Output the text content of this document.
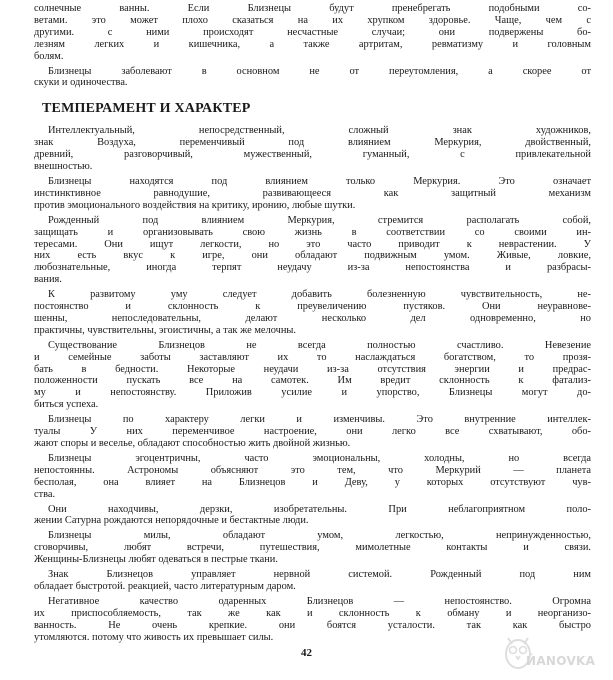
солнечные ванны. Если Близнецы будут пренебрегать подобными со-
ветами. это может плохо сказаться на их хрупком здоровье. Чаще, чем с
другими. с ними происходят несчастные случаи; они подвержены бо-
лезням легких и кишечника, а также артритам, ревматизму и головным
болям.
Близнецы заболевают в основном не от переутомления, а скорее от
скуки и одиночества.
ТЕМПЕРАМЕНТ И ХАРАКТЕР
Интеллектуальный, непосредственный, сложный знак художников,
знак Воздуха, переменчивый под влиянием Меркурия, двойственный,
древний, разговорчивый, мужественный, гуманный, с привлекательной
внешностью.
Близнецы находятся под влиянием только Меркурия. Это означает
инстинктивное равнодушие, развивающееся как защитный механизм
против эмоционального воздействия на критику, иронию, любые шутки.
Рожденный под влиянием Меркурия, стремится располагать собой,
защищать и организовывать свою жизнь в соответствии со своими ин-
тересами. Они ищут легкости, но это часто приводит к неврастении. У
них есть вкус к игре, они обладают подвижным умом. Живые, ловкие,
любознательные, иногда терпят неудачу из-за непостоянства и разбрасы-
вания.
К развитому уму следует добавить болезненную чувствительность, не-
постоянство и склонность к преувеличению пустяков. Они неуравнове-
шенны, непоследовательны, делают несколько дел одновременно, но
практичны, чувствительны, эгоистичны, а так же мелочны.
Существование Близнецов не всегда полностью счастливо. Невезение
и семейные заботы заставляют их то наслаждаться богатством, то прозя-
бать в бедности. Некоторые неудачи из-за отсутствия энергии и предрас-
положенности пускать все на самотек. Им вредит склонность к фатализ-
му и непостоянству. Приложив усилие и упорство, Близнецы могут до-
биться успеха.
Близнецы по характеру легки и изменчивы. Это внутренние интеллек-
туалы У них переменчивое настроение, они легко все схватывают, обо-
жают споры и веселье, обладают способностью жить двойной жизнью.
Близнецы эгоцентричны, часто эмоциональны, холодны, но всегда
непостоянны. Астрономы объясняют это тем, что Меркурий — планета
бесполая, она влияет на Близнецов и Деву, у которых отсутствуют чув-
ства.
Они находчивы, дерзки, изобретательны. При неблагоприятном поло-
жении Сатурна рождаются непорядочные и бестактные люди.
Близнецы милы, обладают умом, легкостью, непринужденностью,
сговорчивы, любят встречи, путешествия, мимолетные контакты и связи.
Женщины-Близнецы любят одеваться в пестрые ткани.
Знак Близнецов управляет нервной системой. Рожденный под ним
обладает быстротой. реакцией, часто литературным даром.
Негативное качество одаренных Близнецов — непостоянство. Огромна
их приспособляемость, так же как и склонность к обману и неорганизо-
ванность. Не очень крепкие. они боятся усталости. так как быстро
утомляются. потому что живость их превышает силы.
42
ЙANOVKA
